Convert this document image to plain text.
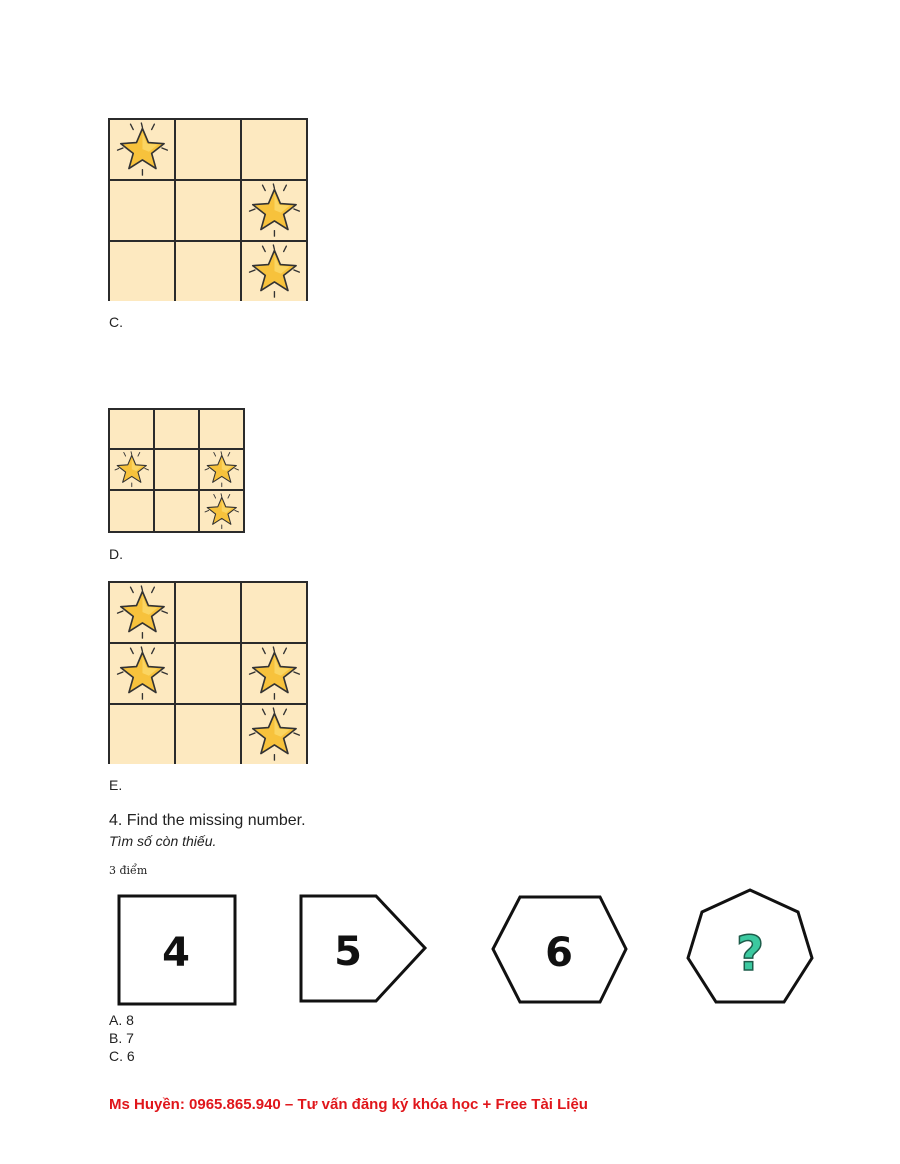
C.
D.
E.
4. Find the missing number.
Tìm số còn thiếu.
3 điểm
4	5	6	?
A. 8
B. 7
C. 6
Ms Huyền: 0965.865.940 – Tư vấn đăng ký khóa học + Free Tài Liệu
